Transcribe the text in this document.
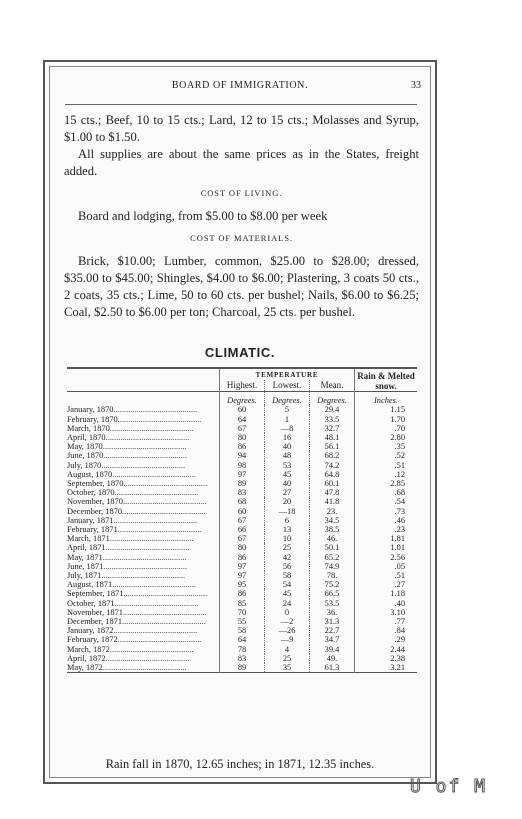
BOARD OF IMMIGRATION.	33

15 cts.; Beef, 10 to 15 cts.; Lard, 12 to 15 cts.; Molasses and Syrup, $1.00 to $1.50.

All supplies are about the same prices as in the States, freight added.

COST OF LIVING.

Board and lodging, from $5.00 to $8.00 per week

COST OF MATERIALS.

Brick, $10.00; Lumber, common, $25.00 to $28.00; dressed, $35.00 to $45.00; Shingles, $4.00 to $6.00; Plastering, 3 coats 50 cts., 2 coats, 35 cts.; Lime, 50 to 60 cts. per bushel; Nails, $6.00 to $6.25; Coal, $2.50 to $6.00 per ton; Charcoal, 25 cts. per bushel.

CLIMATIC.
	TEMPERATURE			Rain & Melted snow.
	Highest.	Lowest.	Mean.	
	Degrees.	Degrees.	Degrees.	Inches.
January, 1870........................................	60	5	29.4	1.15
February, 1870........................................	64	1	33.5	1.70
March, 1870........................................	67	—8	32.7	.70
April, 1870........................................	80	16	48.1	2.80
May, 1870........................................	86	40	56.1	.35
June, 1870........................................	94	48	68.2	.52
July, 1870........................................	98	53	74.2	.51
August, 1870........................................	97	45	64.8	.12
September, 1870........................................	89	40	60.1	2.85
October, 1870........................................	83	27	47.8	.68
November, 1870........................................	68	20	41.8	.54
December, 1870........................................	60	—18	23.	.73
January, 1871........................................	67	6	34.5	.46
February, 1871........................................	66	13	38.5	.23
March, 1871........................................	67	10	46.	1.81
April, 1871........................................	80	25	50.1	1.01
May, 1871........................................	86	42	65.2	2.56
June, 1871........................................	97	56	74.9	.05
July, 1871........................................	97	58	78.	.51
August, 1871........................................	95	54	75.2	.27
September, 1871........................................	86	45	66.5	1.18
October, 1871........................................	85	24	53.5	.40
November, 1871........................................	70	0	36.	3.10
December, 1871........................................	55	—2	31.3	.77
January, 1872........................................	58	—26	22.7	.84
February, 1872........................................	64	—9	34.7	.29
March, 1872........................................	78	4	39.4	2.44
April, 1872........................................	83	25	49.	2.38
May, 1872........................................	89	35	61.3	3.21

Rain fall in 1870, 12.65 inches; in 1871, 12.35 inches.
U of M
